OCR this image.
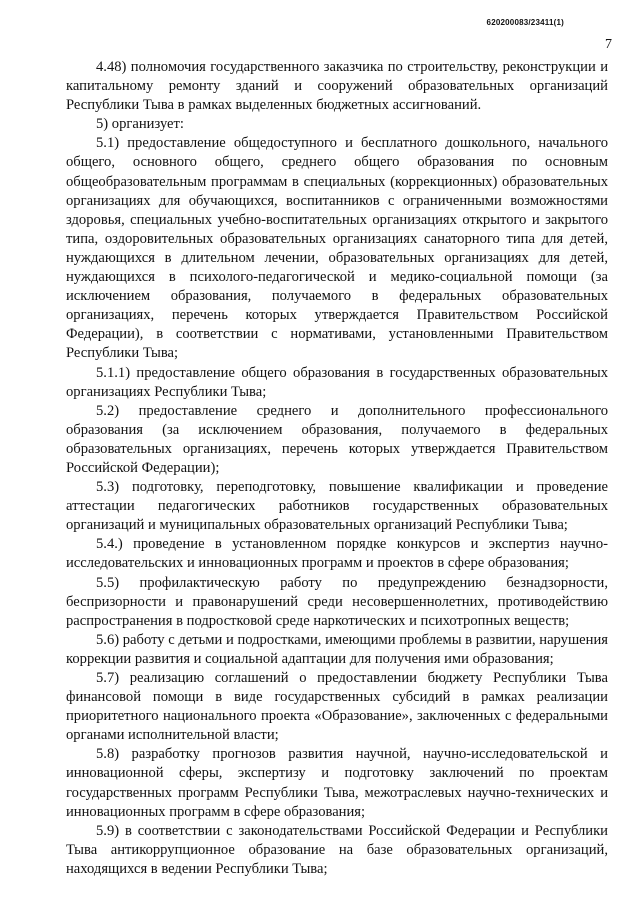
620200083/23411(1)
7

4.48) полномочия государственного заказчика по строительству, реконструкции и капитальному ремонту зданий и сооружений образовательных организаций Республики Тыва в рамках выделенных бюджетных ассигнований.

5) организует:

5.1) предоставление общедоступного и бесплатного дошкольного, начального общего, основного общего, среднего общего образования по основным общеобразовательным программам в специальных (коррекционных) образовательных организациях для обучающихся, воспитанников с ограниченными возможностями здоровья, специальных учебно-воспитательных организациях открытого и закрытого типа, оздоровительных образовательных организациях санаторного типа для детей, нуждающихся в длительном лечении, образовательных организациях для детей, нуждающихся в психолого-педагогической и медико-социальной помощи (за исключением образования, получаемого в федеральных образовательных организациях, перечень которых утверждается Правительством Российской Федерации), в соответствии с нормативами, установленными Правительством Республики Тыва;

5.1.1) предоставление общего образования в государственных образовательных организациях Республики Тыва;

5.2) предоставление среднего и дополнительного профессионального образования (за исключением образования, получаемого в федеральных образовательных организациях, перечень которых утверждается Правительством Российской Федерации);

5.3) подготовку, переподготовку, повышение квалификации и проведение аттестации педагогических работников государственных образовательных организаций и муниципальных образовательных организаций Республики Тыва;

5.4.) проведение в установленном порядке конкурсов и экспертиз научно-исследовательских и инновационных программ и проектов в сфере образования;

5.5) профилактическую работу по предупреждению безнадзорности, беспризорности и правонарушений среди несовершеннолетних, противодействию распространения в подростковой среде наркотических и психотропных веществ;

5.6) работу с детьми и подростками, имеющими проблемы в развитии, нарушения коррекции развития и социальной адаптации для получения ими образования;

5.7) реализацию соглашений о предоставлении бюджету Республики Тыва финансовой помощи в виде государственных субсидий в рамках реализации приоритетного национального проекта «Образование», заключенных с федеральными органами исполнительной власти;

5.8) разработку прогнозов развития научной, научно-исследовательской и инновационной сферы, экспертизу и подготовку заключений по проектам государственных программ Республики Тыва, межотраслевых научно-технических и инновационных программ в сфере образования;

5.9) в соответствии с законодательствами Российской Федерации и Республики Тыва антикоррупционное образование на базе образовательных организаций, находящихся в ведении Республики Тыва;
